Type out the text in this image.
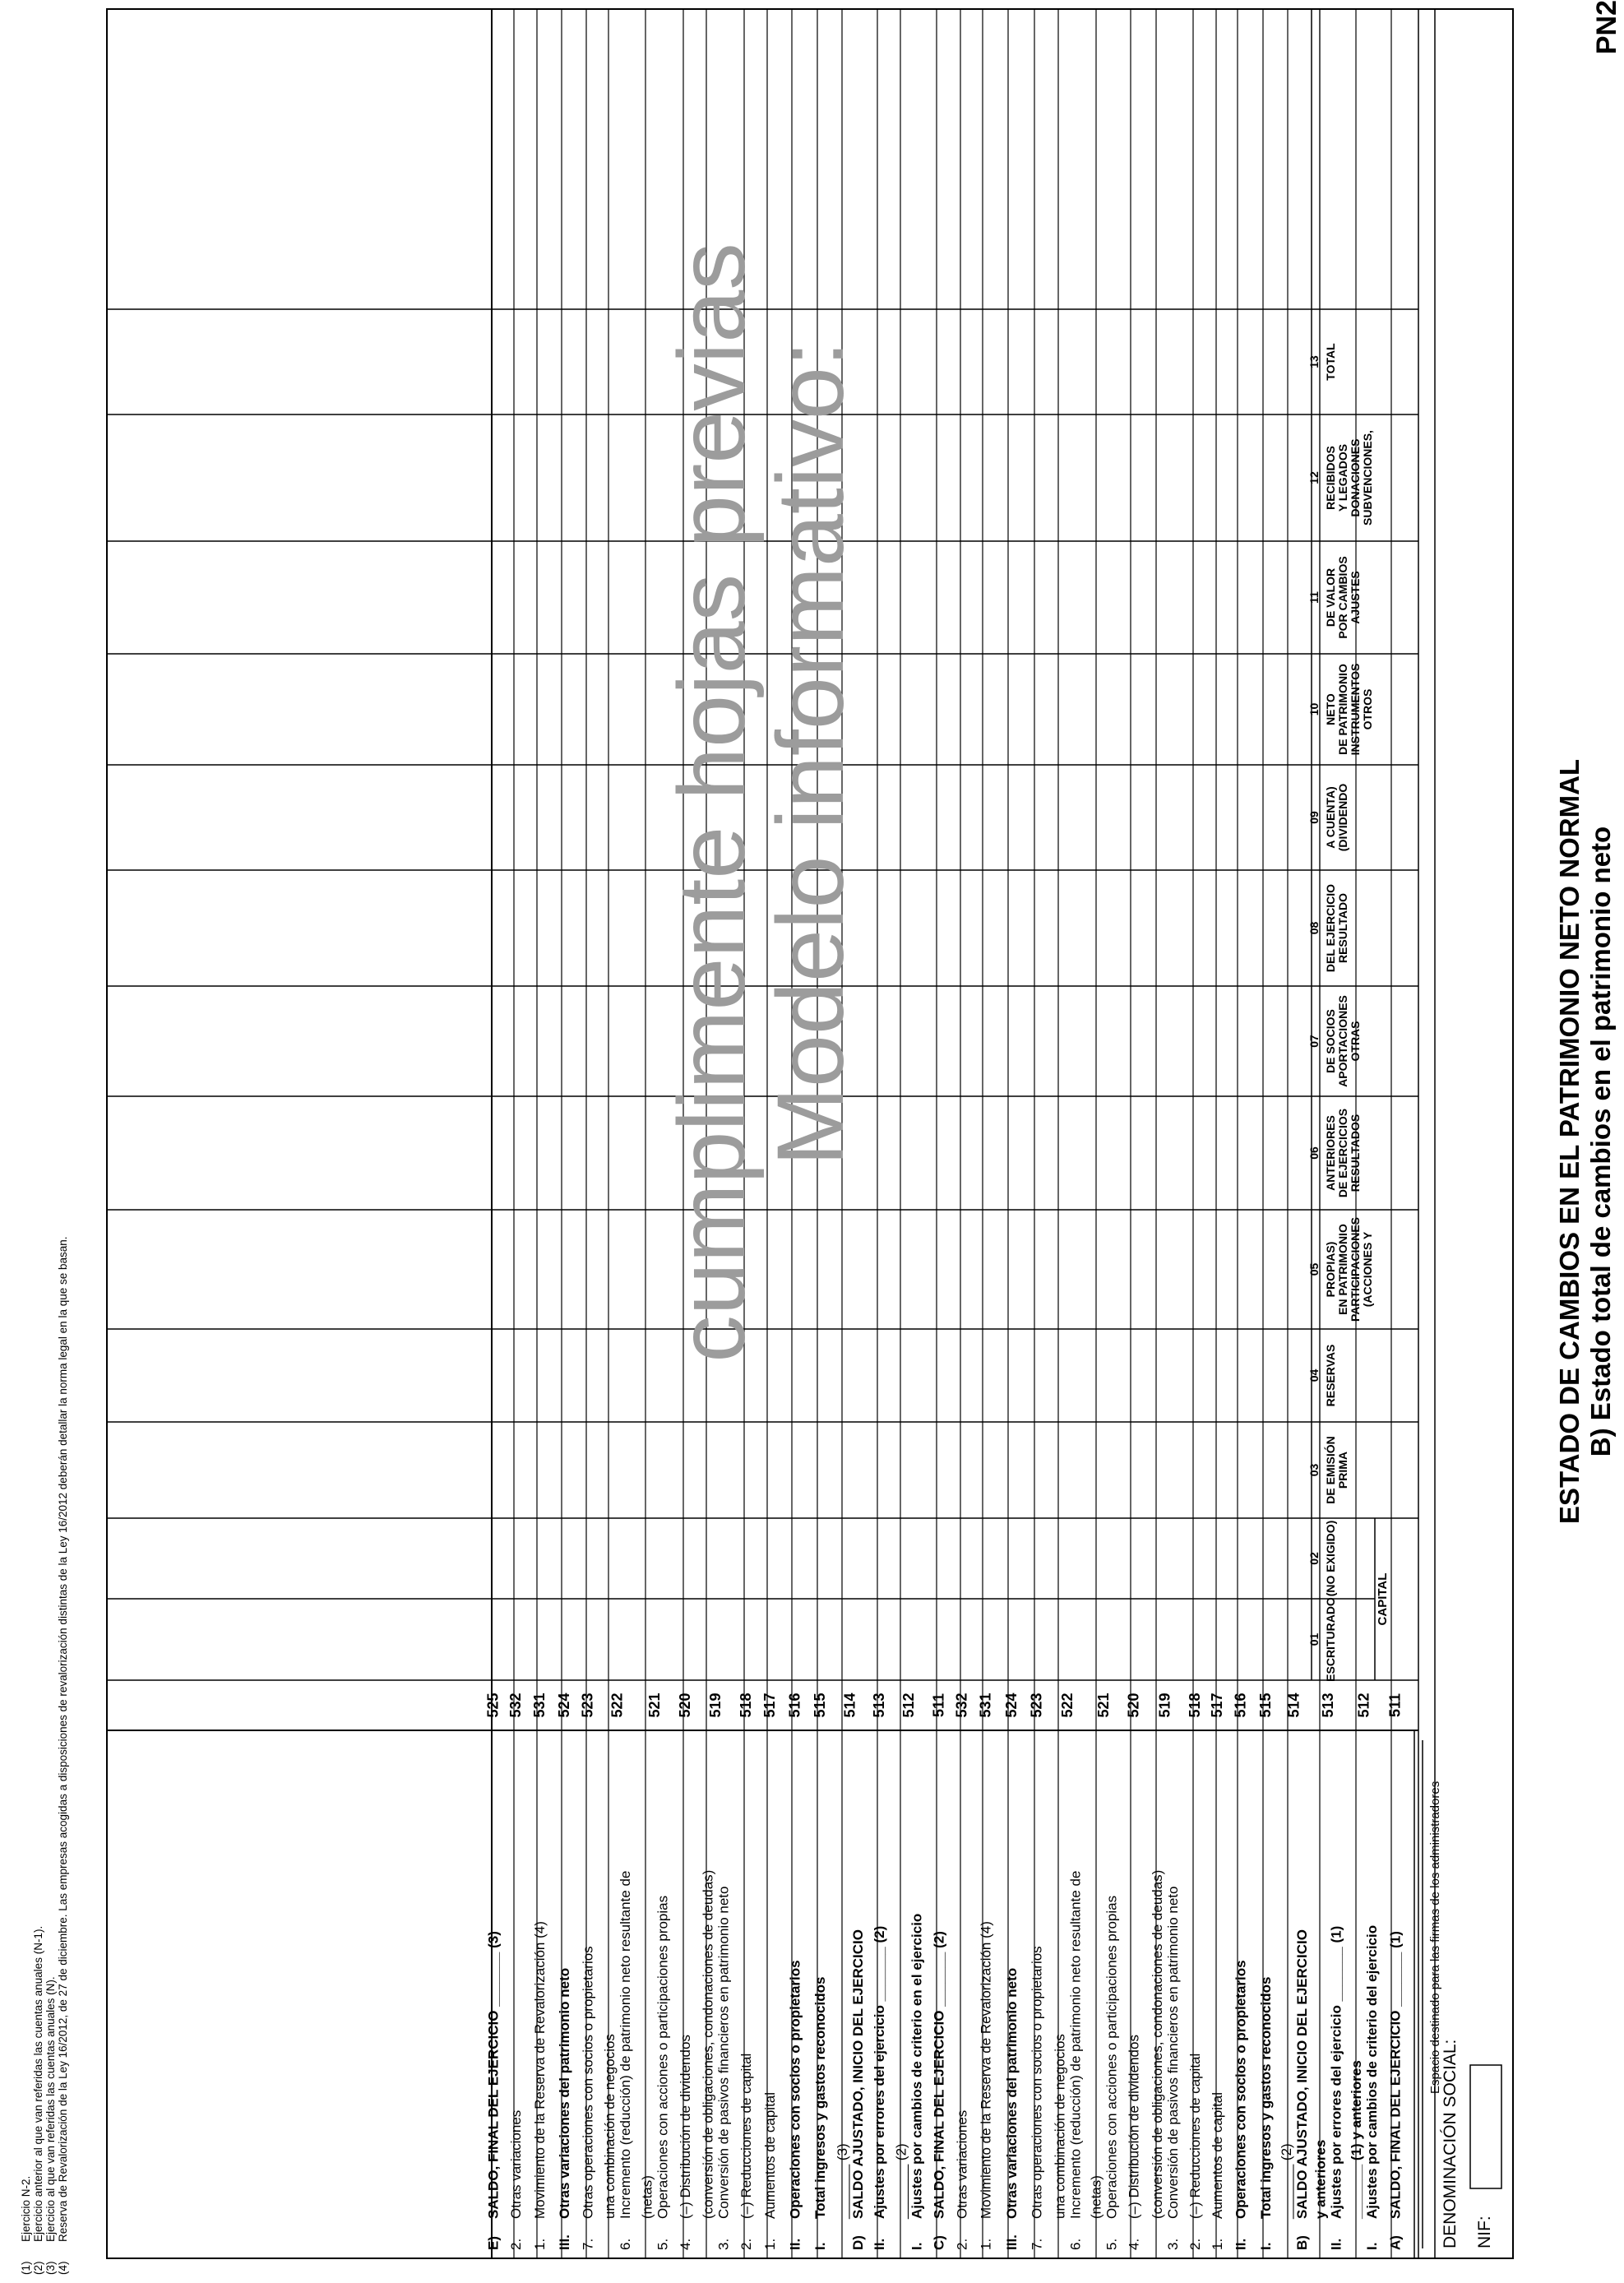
ESTADO DE CAMBIOS EN EL PATRIMONIO NETO NORMAL B) Estado total de cambios en el patrimonio neto
PN2
NIF:
DENOMINACIÓN SOCIAL:
Espacio destinado para las firmas de los administradores
CAPITAL
ESCRITURADO
01
(NO EXIGIDO)
02
PRIMA
DE EMISIÓN
03
RESERVAS
04
(ACCIONES Y
PARTICIPACIONES
EN PATRIMONIO
PROPIAS)
05
RESULTADOS
DE EJERCICIOS
ANTERIORES
06
OTRAS
APORTACIONES
DE SOCIOS
07
RESULTADO
DEL EJERCICIO
08
(DIVIDENDO
A CUENTA)
09
OTROS
INSTRUMENTOS
DE PATRIMONIO
NETO
10
AJUSTES
POR CAMBIOS
DE VALOR
11
SUBVENCIONES,
DONACIONES
Y LEGADOS
RECIBIDOS
12
TOTAL
13
A)
SALDO, FINAL DEL EJERCICIO _______ (1)
511
I.
Ajustes por cambios de criterio del ejercicio
_______ (1) y anteriores
512
II.
Ajustes por errores del ejercicio _______ (1)
y anteriores
513
B)
SALDO AJUSTADO, INICIO DEL EJERCICIO
_______ (2)
514
I.
Total ingresos y gastos reconocidos
515
II.
Operaciones con socios o propietarios
516
1.
Aumentos de capital
517
2.
(–) Reducciones de capital
518
3.
Conversión de pasivos financieros en patrimonio neto
(conversión de obligaciones, condonaciones de deudas)
519
4.
(–) Distribución de dividendos
520
5.
Operaciones con acciones o participaciones propias
(netas)
521
6.
Incremento (reducción) de patrimonio neto resultante de
una combinación de negocios
522
7.
Otras operaciones con socios o propietarios
523
III.
Otras variaciones del patrimonio neto
524
1.
Movimiento de la Reserva de Revalorización (4)
531
2.
Otras variaciones
532
C)
SALDO, FINAL DEL EJERCICIO _______ (2)
511
I.
Ajustes por cambios de criterio en el ejercicio
_______ (2)
512
II.
Ajustes por errores del ejercicio _______ (2)
513
D)
SALDO AJUSTADO, INICIO DEL EJERCICIO
_______ (3)
514
I.
Total ingresos y gastos reconocidos
515
II.
Operaciones con socios o propietarios
516
1.
Aumentos de capital
517
2.
(–) Reducciones de capital
518
3.
Conversión de pasivos financieros en patrimonio neto
(conversión de obligaciones, condonaciones de deudas)
519
4.
(–) Distribución de dividendos
520
5.
Operaciones con acciones o participaciones propias
(netas)
521
6.
Incremento (reducción) de patrimonio neto resultante de
una combinación de negocios
522
7.
Otras operaciones con socios o propietarios
523
III.
Otras variaciones del patrimonio neto
524
1.
Movimiento de la Reserva de Revalorización (4)
531
2.
Otras variaciones
532
E)
SALDO, FINAL DEL EJERCICIO _______ (3)
525
Modelo informativo:
cumplimente hojas previas
(1)
Ejercicio N-2.
(2)
Ejercicio anterior al que van referidas las cuentas anuales (N-1).
(3)
Ejercicio al que van referidas las cuentas anuales (N).
(4)
Reserva de Revalorización de la Ley 16/2012, de 27 de diciembre. Las empresas acogidas a disposiciones de revalorización distintas de la Ley 16/2012 deberán detallar la norma legal en la que se basan.
